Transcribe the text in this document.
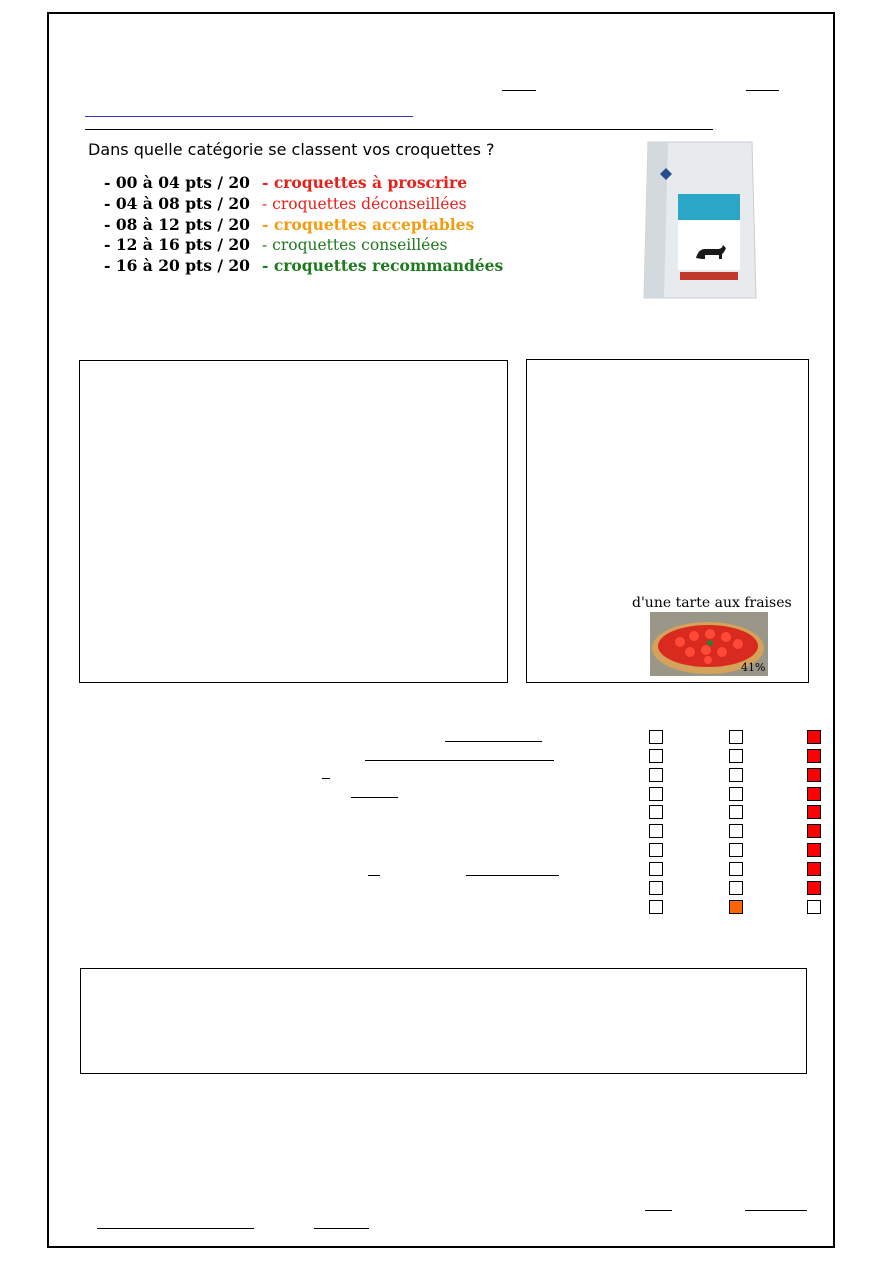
Dans quelle catégorie se classent vos croquettes ?
- 00 à 04 pts / 20 - croquettes à proscrire
- 04 à 08 pts / 20 - croquettes déconseillées
- 08 à 12 pts / 20 - croquettes acceptables
- 12 à 16 pts / 20 - croquettes conseillées
- 16 à 20 pts / 20 - croquettes recommandées
d'une tarte aux fraises
41%
